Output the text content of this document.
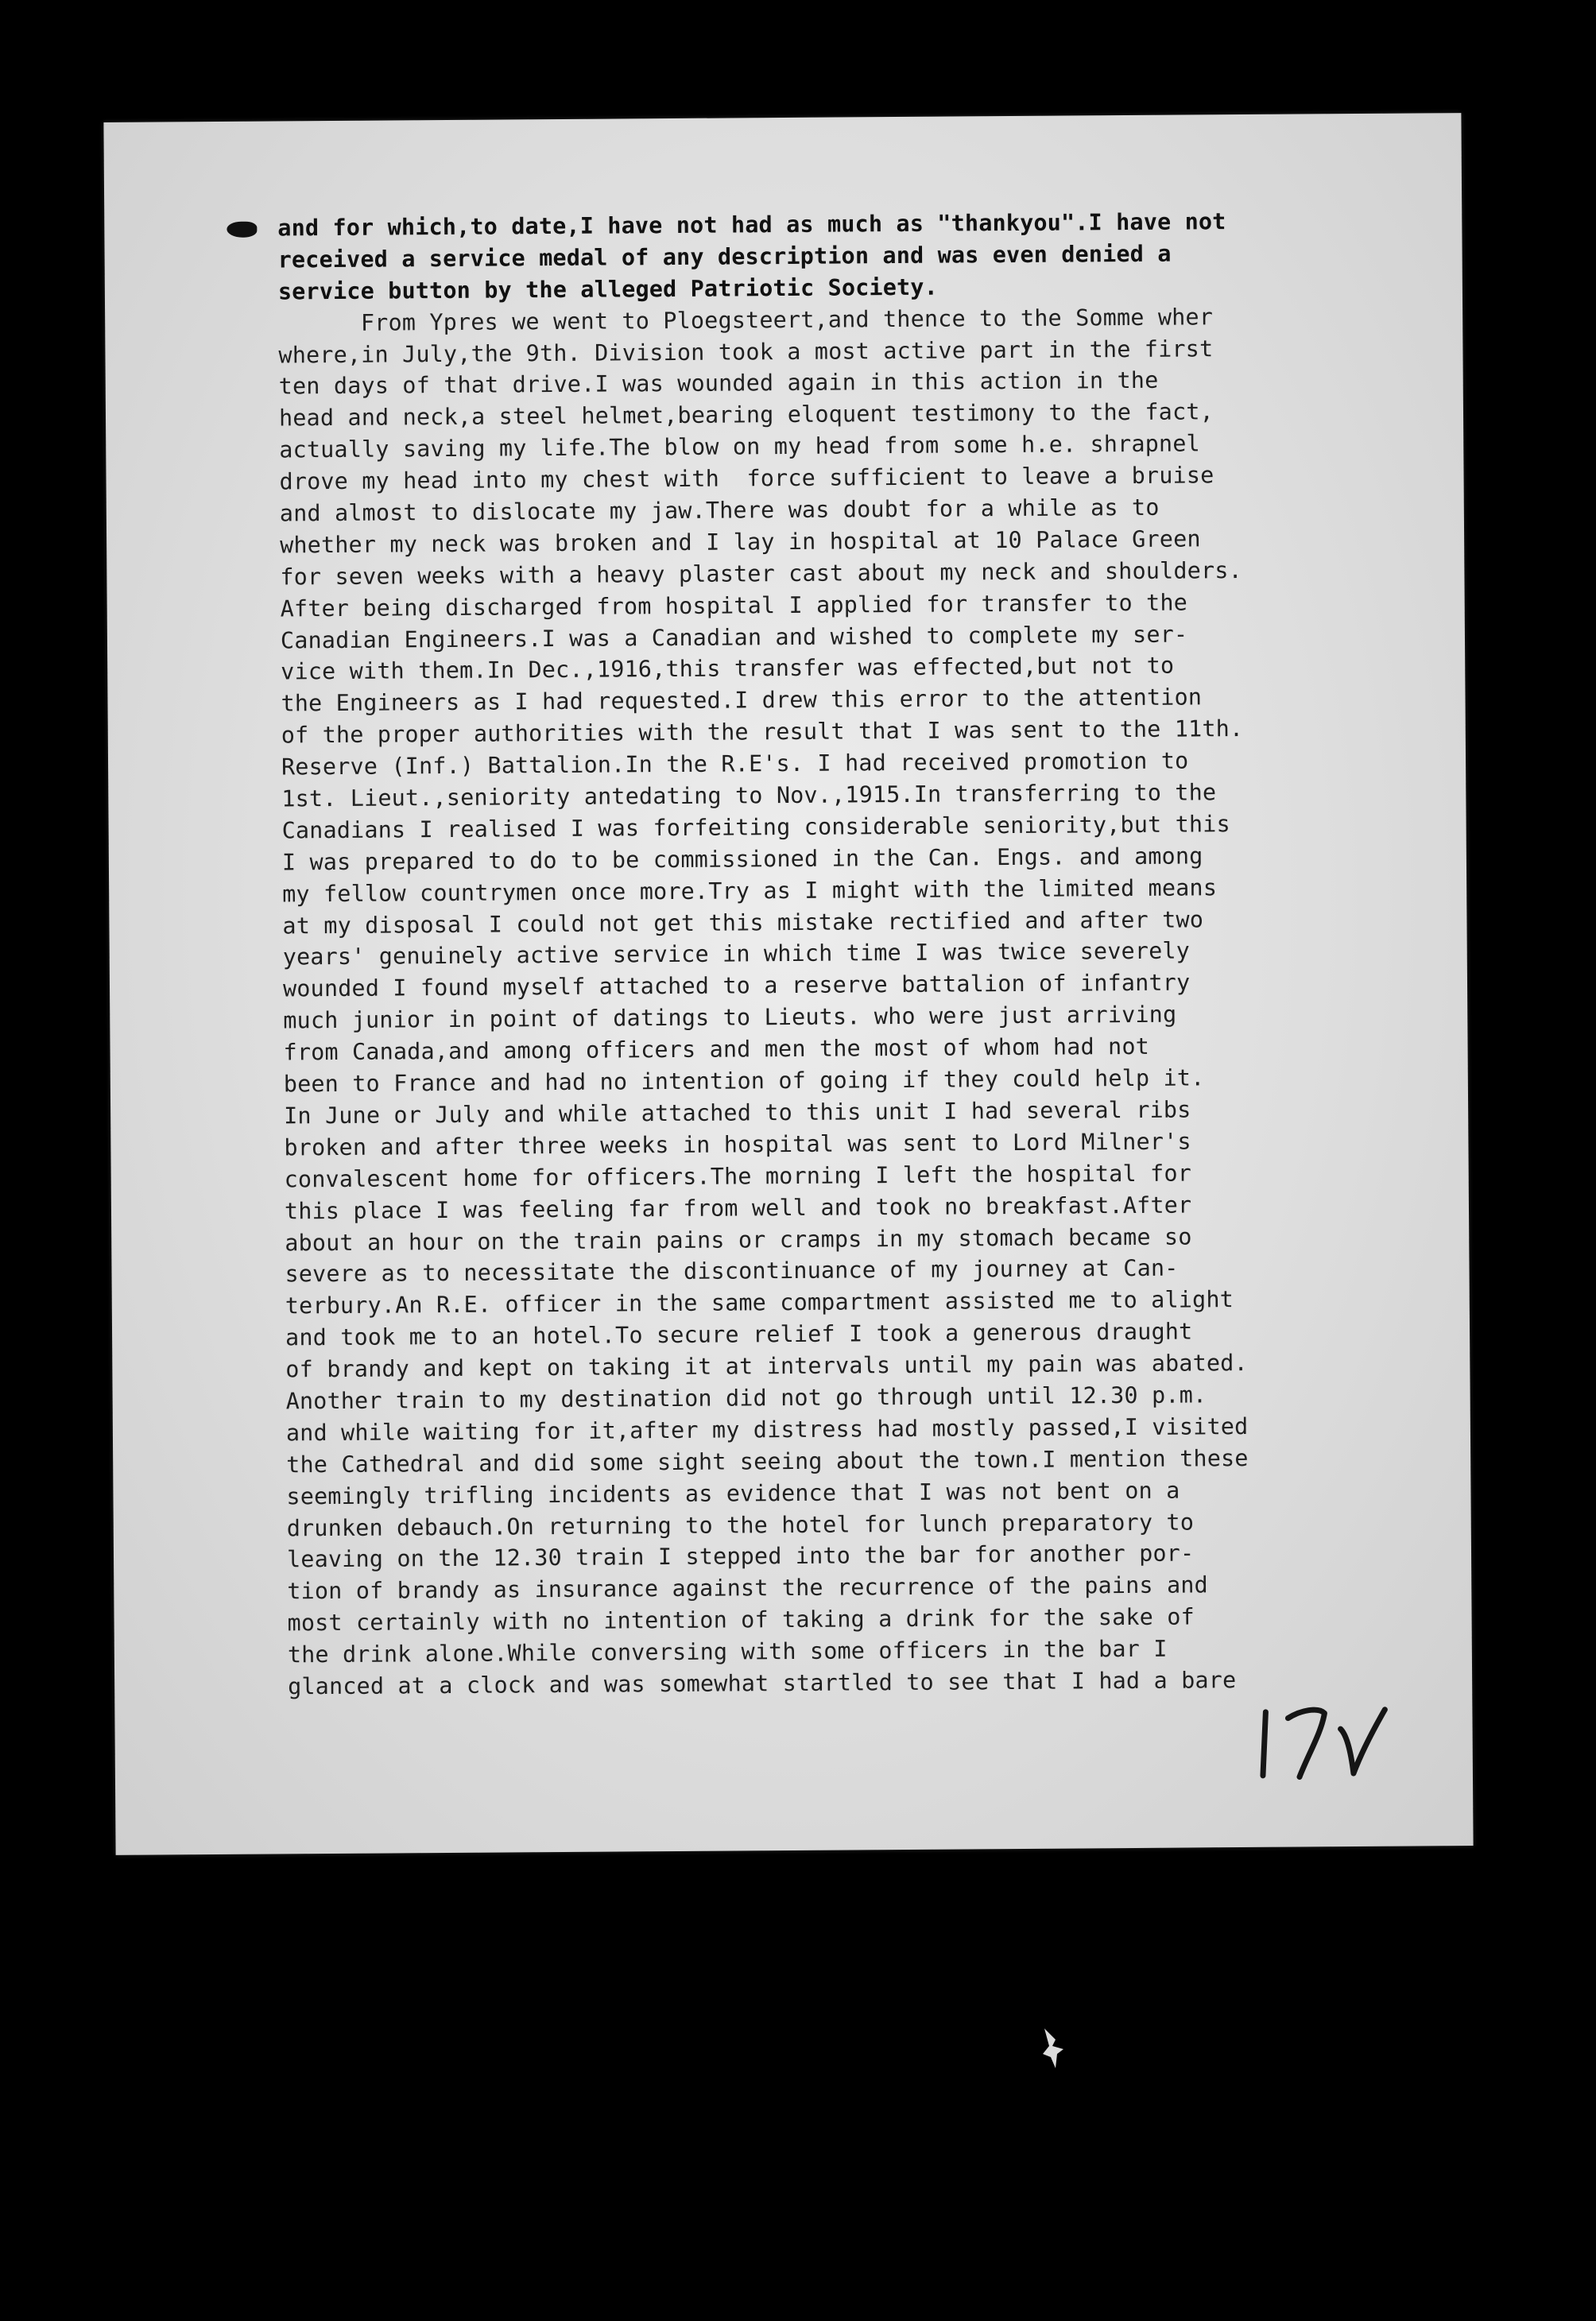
and for which,to date,I have not had as much as "thankyou".I have not
received a service medal of any description and was even denied a
service button by the alleged Patriotic Society.
From Ypres we went to Ploegsteert,and thence to the Somme wher
where,in July,the 9th. Division took a most active part in the first
ten days of that drive.I was wounded again in this action in the
head and neck,a steel helmet,bearing eloquent testimony to the fact,
actually saving my life.The blow on my head from some h.e. shrapnel
drove my head into my chest with  force sufficient to leave a bruise
and almost to dislocate my jaw.There was doubt for a while as to
whether my neck was broken and I lay in hospital at 10 Palace Green
for seven weeks with a heavy plaster cast about my neck and shoulders.
After being discharged from hospital I applied for transfer to the
Canadian Engineers.I was a Canadian and wished to complete my ser-
vice with them.In Dec.,1916,this transfer was effected,but not to
the Engineers as I had requested.I drew this error to the attention
of the proper authorities with the result that I was sent to the 11th.
Reserve (Inf.) Battalion.In the R.E's. I had received promotion to
1st. Lieut.,seniority antedating to Nov.,1915.In transferring to the
Canadians I realised I was forfeiting considerable seniority,but this
I was prepared to do to be commissioned in the Can. Engs. and among
my fellow countrymen once more.Try as I might with the limited means
at my disposal I could not get this mistake rectified and after two
years' genuinely active service in which time I was twice severely
wounded I found myself attached to a reserve battalion of infantry
much junior in point of datings to Lieuts. who were just arriving
from Canada,and among officers and men the most of whom had not
been to France and had no intention of going if they could help it.
In June or July and while attached to this unit I had several ribs
broken and after three weeks in hospital was sent to Lord Milner's
convalescent home for officers.The morning I left the hospital for
this place I was feeling far from well and took no breakfast.After
about an hour on the train pains or cramps in my stomach became so
severe as to necessitate the discontinuance of my journey at Can-
terbury.An R.E. officer in the same compartment assisted me to alight
and took me to an hotel.To secure relief I took a generous draught
of brandy and kept on taking it at intervals until my pain was abated.
Another train to my destination did not go through until 12.30 p.m.
and while waiting for it,after my distress had mostly passed,I visited
the Cathedral and did some sight seeing about the town.I mention these
seemingly trifling incidents as evidence that I was not bent on a
drunken debauch.On returning to the hotel for lunch preparatory to
leaving on the 12.30 train I stepped into the bar for another por-
tion of brandy as insurance against the recurrence of the pains and
most certainly with no intention of taking a drink for the sake of
the drink alone.While conversing with some officers in the bar I
glanced at a clock and was somewhat startled to see that I had a bare
